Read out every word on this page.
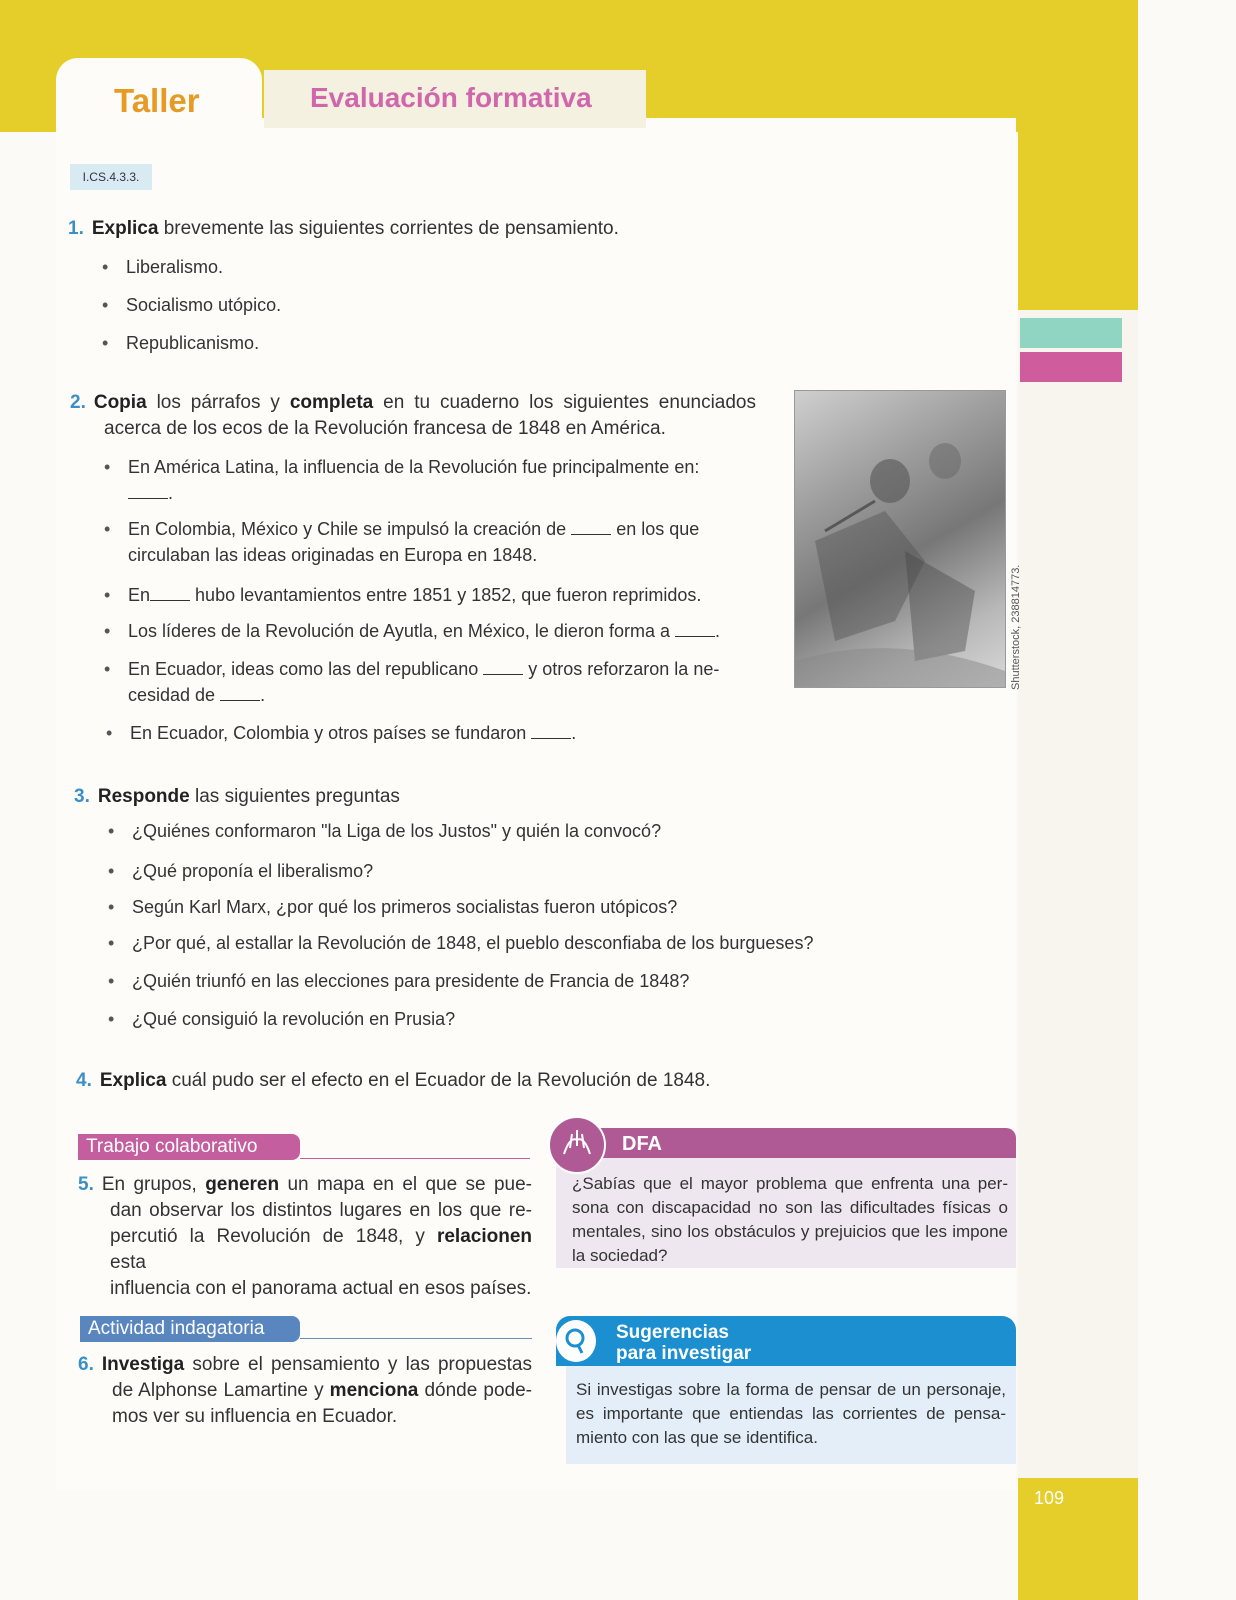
109
Taller	Evaluación formativa
I.CS.4.3.3.
1. Explica brevemente las siguientes corrientes de pensamiento.
• Liberalismo.
• Socialismo utópico.
• Republicanismo.
2. Copia los párrafos y completa en tu cuaderno los siguientes enunciados
acerca de los ecos de la Revolución francesa de 1848 en América.
• En América Latina, la influencia de la Revolución fue principalmente en:
.
• En Colombia, México y Chile se impulsó la creación de	en los que
circulaban las ideas originadas en Europa en 1848.
• En	hubo levantamientos entre 1851 y 1852, que fueron reprimidos.
• Los líderes de la Revolución de Ayutla, en México, le dieron forma a	.
• En Ecuador, ideas como las del republicano	y otros reforzaron la ne-
cesidad de	.
• En Ecuador, Colombia y otros países se fundaron	.
Shutterstock, 238814773.
3. Responde las siguientes preguntas
• ¿Quiénes conformaron "la Liga de los Justos" y quién la convocó?
• ¿Qué proponía el liberalismo?
• Según Karl Marx, ¿por qué los primeros socialistas fueron utópicos?
• ¿Por qué, al estallar la Revolución de 1848, el pueblo desconfiaba de los burgueses?
• ¿Quién triunfó en las elecciones para presidente de Francia de 1848?
• ¿Qué consiguió la revolución en Prusia?
4. Explica cuál pudo ser el efecto en el Ecuador de la Revolución de 1848.
Trabajo colaborativo
5. En grupos, generen un mapa en el que se pue-
dan observar los distintos lugares en los que re-
percutió la Revolución de 1848, y relacionen esta
influencia con el panorama actual en esos países.
Actividad indagatoria
6. Investiga sobre el pensamiento y las propuestas
de Alphonse Lamartine y menciona dónde pode-
mos ver su influencia en Ecuador.
DFA
¿Sabías que el mayor problema que enfrenta una per-
sona con discapacidad no son las dificultades físicas o
mentales, sino los obstáculos y prejuicios que les impone
la sociedad?
Sugerencias
para investigar
Si investigas sobre la forma de pensar de un personaje,
es importante que entiendas las corrientes de pensa-
miento con las que se identifica.
